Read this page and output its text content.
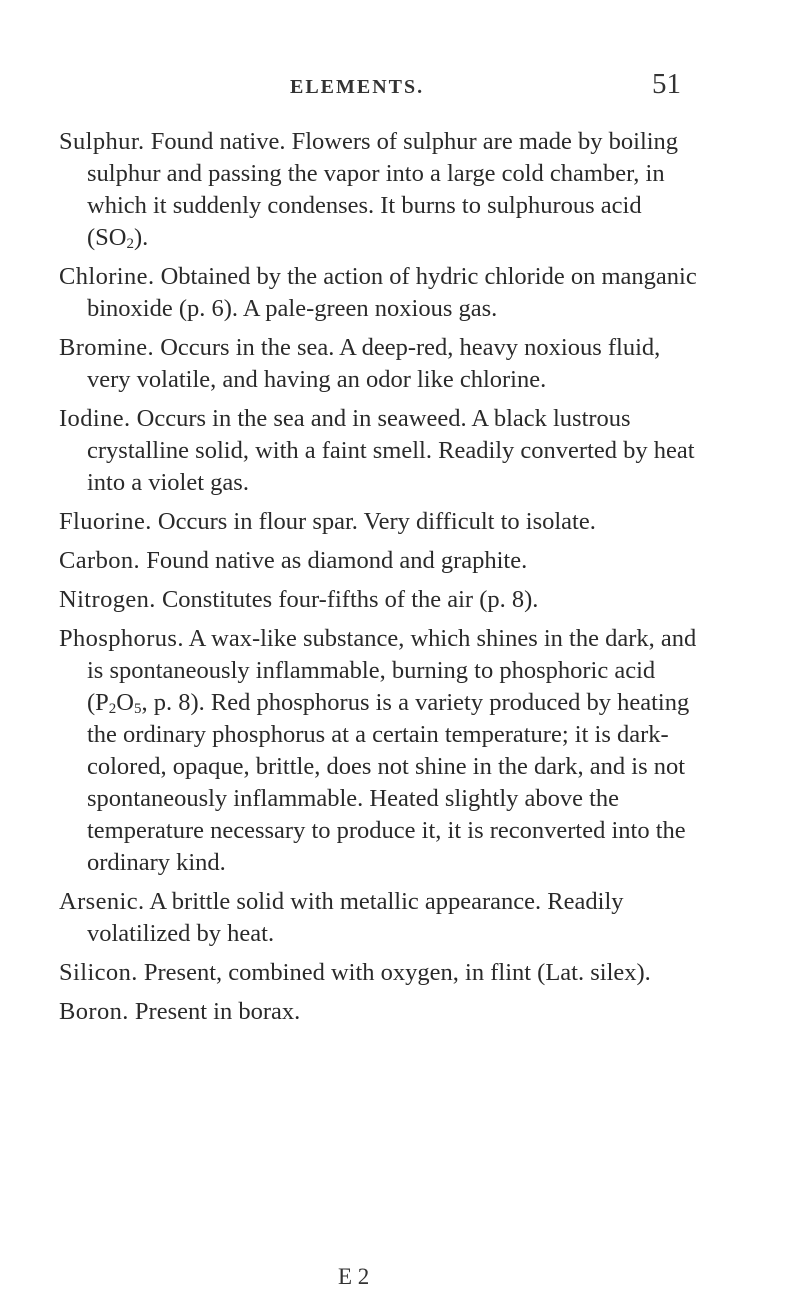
ELEMENTS.	51

Sulphur. Found native. Flowers of sulphur are made by boiling sulphur and passing the vapor into a large cold chamber, in which it suddenly condenses. It burns to sulphurous acid $(SO_2)$.

Chlorine. Obtained by the action of hydric chloride on manganic binoxide (p. 6). A pale-green noxious gas.

Bromine. Occurs in the sea. A deep-red, heavy noxious fluid, very volatile, and having an odor like chlorine.

Iodine. Occurs in the sea and in seaweed. A black lustrous crystalline solid, with a faint smell. Readily converted by heat into a violet gas.

Fluorine. Occurs in flour spar. Very difficult to isolate.

Carbon. Found native as diamond and graphite.

Nitrogen. Constitutes four-fifths of the air (p. 8).

Phosphorus. A wax-like substance, which shines in the dark, and is spontaneously inflammable, burning to phosphoric acid ($P_2O_5$, p. 8). Red phosphorus is a variety produced by heating the ordinary phosphorus at a certain temperature; it is dark-colored, opaque, brittle, does not shine in the dark, and is not spontaneously inflammable. Heated slightly above the temperature necessary to produce it, it is reconverted into the ordinary kind.

Arsenic. A brittle solid with metallic appearance. Readily volatilized by heat.

Silicon. Present, combined with oxygen, in flint (Lat. silex).

Boron. Present in borax.

E 2
